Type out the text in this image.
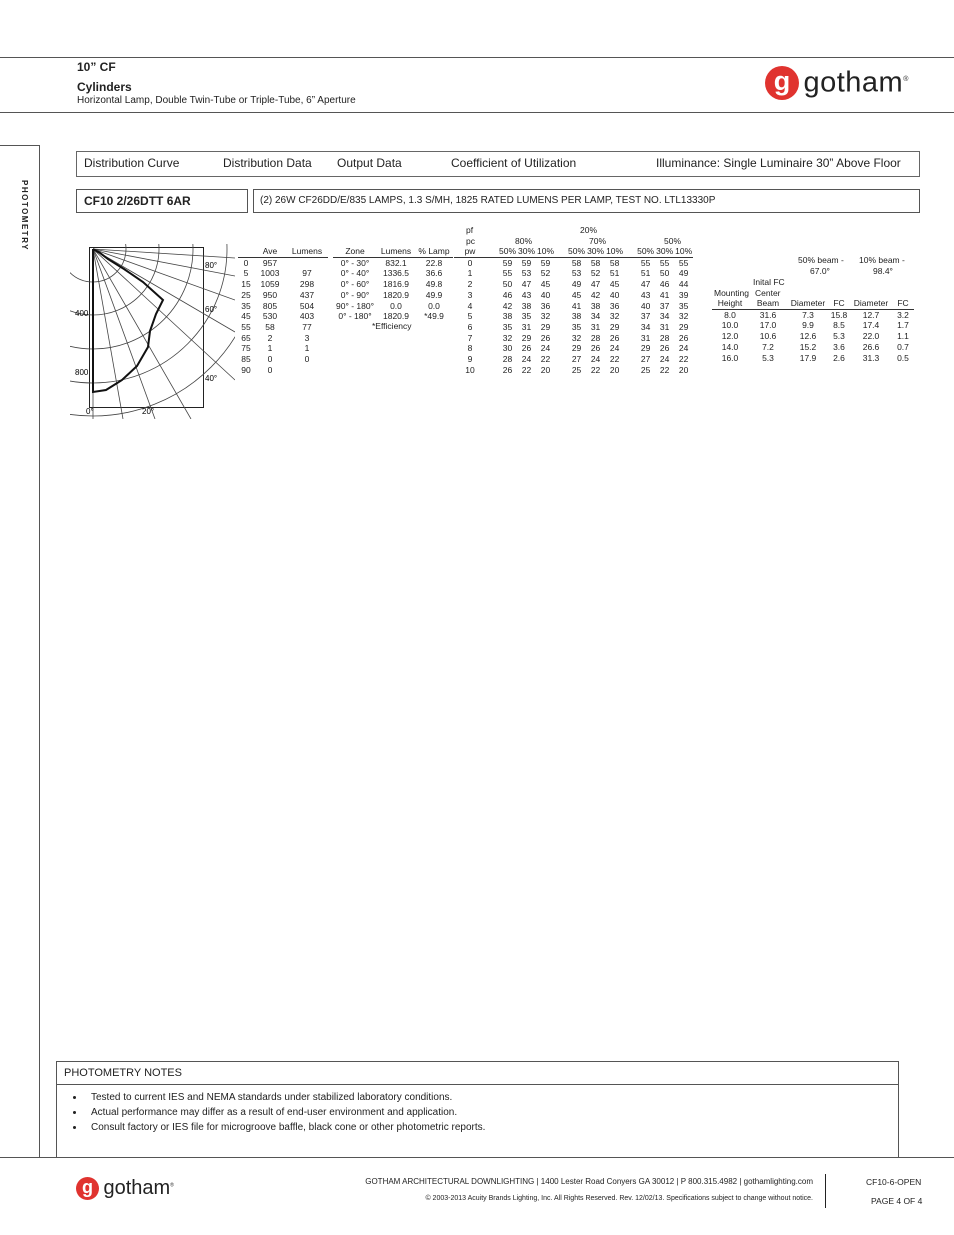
10” CF
Cylinders
Horizontal Lamp, Double Twin-Tube or Triple-Tube, 6” Aperture
g gotham®
PHOTOMETRY
Distribution Curve	Distribution Data Output Data	Coefficient of Utilization	Illuminance: Single Luminaire 30” Above Floor
CF10 2/26DTT 6AR	(2) 26W CF26DD/E/835 LAMPS, 1.3 S/MH, 1825 RATED LUMENS PER LAMP, TEST NO. LTL13330P
80°
60°
40°
400
800
0°	20°
	Ave	Lumens
0	957	
5	1003	97
15	1059	298
25	950	437
35	805	504
45	530	403
55	58	77
65	2	3
75	1	1
85	0	0
90	0	
Zone	Lumens	% Lamp
0° - 30°	832.1	22.8
0° - 40°	1336.5	36.6
0° - 60°	1816.9	49.8
0° - 90°	1820.9	49.9
90° - 180°	0.0	0.0
0° - 180°	1820.9	*49.9
*Efficiency
pf	20%
pc	80%	70%	50%
pw		50%	30%	10%		50%	30%	10%		50%	30%	10%
0		59	59	59		58	58	58		55	55	55
1		55	53	52		53	52	51		51	50	49
2		50	47	45		49	47	45		47	46	44
3		46	43	40		45	42	40		43	41	39
4		42	38	36		41	38	36		40	37	35
5		38	35	32		38	34	32		37	34	32
6		35	31	29		35	31	29		34	31	29
7		32	29	26		32	28	26		31	28	26
8		30	26	24		29	26	24		29	26	24
9		28	24	22		27	24	22		27	24	22
10		26	22	20		25	22	20		25	22	20
50% beam -
67.0°
10% beam -
98.4°
Inital FC
Center
Mounting
Height	Beam	Diameter	FC	Diameter	FC
8.0	31.6	7.3	15.8	12.7	3.2
10.0	17.0	9.9	8.5	17.4	1.7
12.0	10.6	12.6	5.3	22.0	1.1
14.0	7.2	15.2	3.6	26.6	0.7
16.0	5.3	17.9	2.6	31.3	0.5
PHOTOMETRY NOTES
• Tested to current IES and NEMA standards under stabilized laboratory conditions.
• Actual performance may differ as a result of end-user environment and application.
• Consult factory or IES file for microgroove baffle, black cone or other photometric reports.
g gotham®	GOTHAM ARCHITECTURAL DOWNLIGHTING | 1400 Lester Road Conyers GA 30012 | P 800.315.4982 | gothamlighting.com
© 2003-2013 Acuity Brands Lighting, Inc. All Rights Reserved. Rev. 12/02/13. Specifications subject to change without notice.
CF10-6-OPEN
PAGE 4 OF 4
